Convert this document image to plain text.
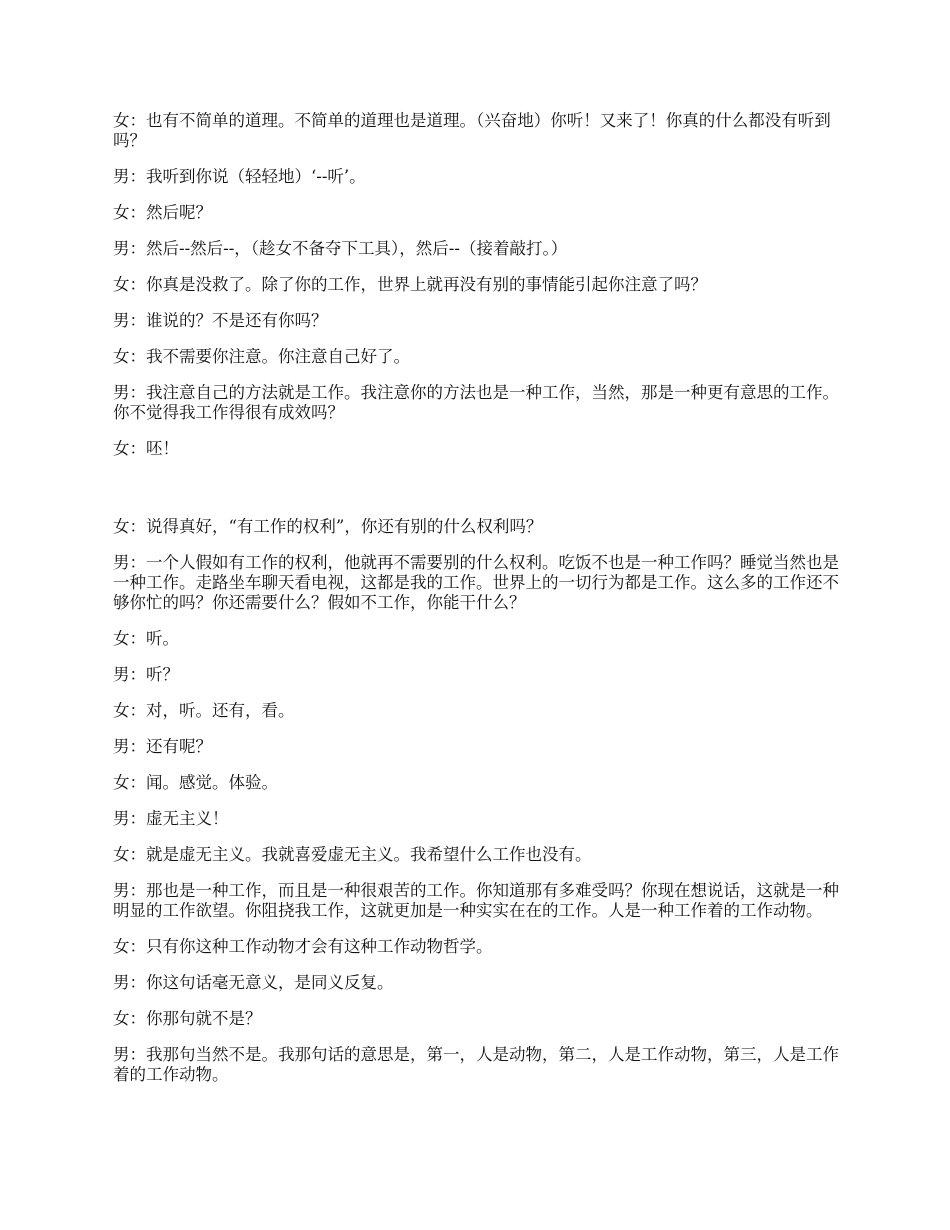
女：也有不简单的道理。不简单的道理也是道理。（兴奋地）你听！又来了！你真的什么都没有听到吗？

男：我听到你说（轻轻地）‘--听’。

女：然后呢？

男：然后--然后--，（趁女不备夺下工具），然后--（接着敲打。）

女：你真是没救了。除了你的工作，世界上就再没有别的事情能引起你注意了吗？

男：谁说的？不是还有你吗？

女：我不需要你注意。你注意自己好了。

男：我注意自己的方法就是工作。我注意你的方法也是一种工作，当然，那是一种更有意思的工作。你不觉得我工作得很有成效吗？

女：呸！

女：说得真好，“有工作的权利”，你还有别的什么权利吗？

男：一个人假如有工作的权利，他就再不需要别的什么权利。吃饭不也是一种工作吗？睡觉当然也是一种工作。走路坐车聊天看电视，这都是我的工作。世界上的一切行为都是工作。这么多的工作还不够你忙的吗？你还需要什么？假如不工作，你能干什么？

女：听。

男：听？

女：对，听。还有，看。

男：还有呢？

女：闻。感觉。体验。

男：虚无主义！

女：就是虚无主义。我就喜爱虚无主义。我希望什么工作也没有。

男：那也是一种工作，而且是一种很艰苦的工作。你知道那有多难受吗？你现在想说话，这就是一种明显的工作欲望。你阻挠我工作，这就更加是一种实实在在的工作。人是一种工作着的工作动物。

女：只有你这种工作动物才会有这种工作动物哲学。

男：你这句话毫无意义，是同义反复。

女：你那句就不是？

男：我那句当然不是。我那句话的意思是，第一，人是动物，第二，人是工作动物，第三，人是工作着的工作动物。
